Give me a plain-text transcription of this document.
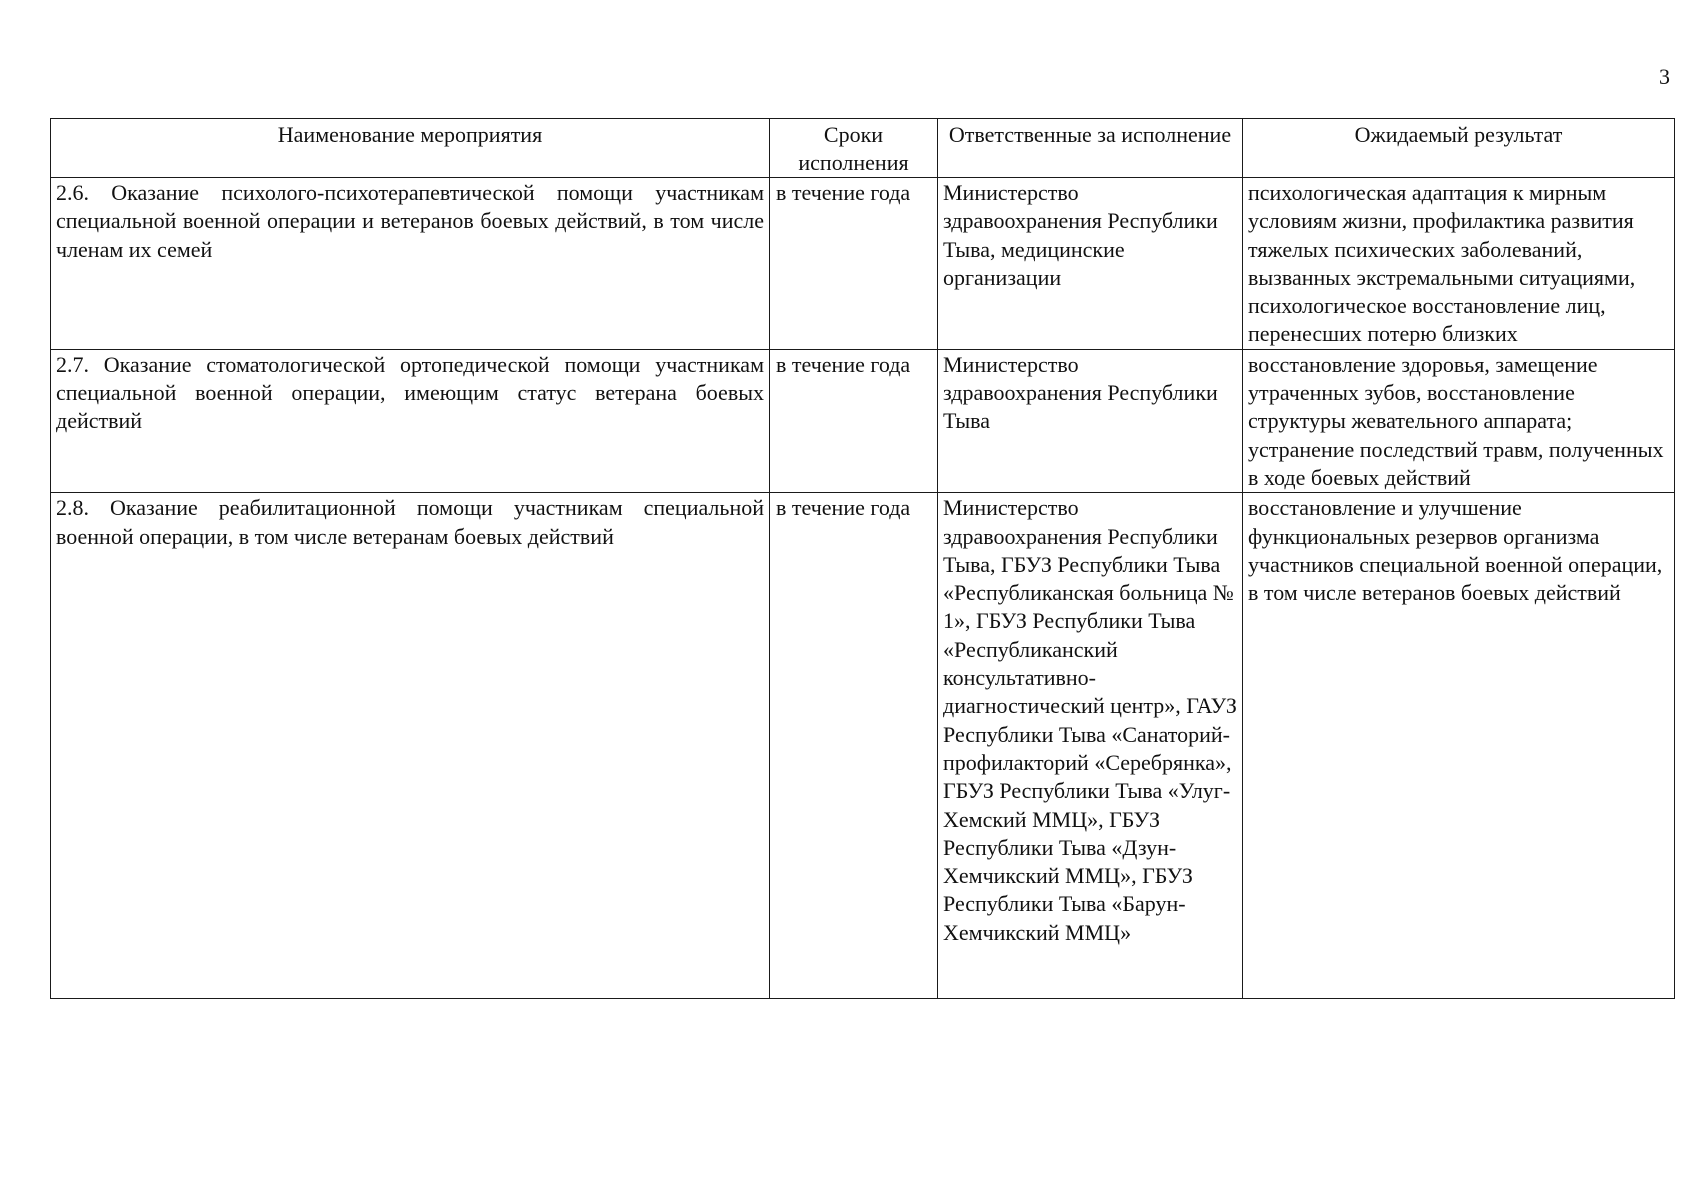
3
Наименование мероприятия	Сроки исполнения	Ответственные за исполнение	Ожидаемый результат
2.6. Оказание психолого-психотерапевтической помощи участникам специальной военной операции и ветеранов боевых действий, в том числе членам их семей	в течение года	Министерство здравоохранения Республики Тыва, медицинские организации	психологическая адаптация к мирным условиям жизни, профилактика развития тяжелых психических заболеваний, вызванных экстремальными ситуациями, психологическое восстановление лиц, перенесших потерю близких
2.7. Оказание стоматологической ортопедической помощи участникам специальной военной операции, имеющим статус ветерана боевых действий	в течение года	Министерство здравоохранения Республики Тыва	восстановление здоровья, замещение утраченных зубов, восстановление структуры жевательного аппарата; устранение последствий травм, полученных в ходе боевых действий
2.8. Оказание реабилитационной помощи участникам специальной военной операции, в том числе ветеранам боевых действий	в течение года	Министерство здравоохранения Республики Тыва, ГБУЗ Республики Тыва «Республиканская больница № 1», ГБУЗ Республики Тыва «Республиканский консультативно-диагностический центр», ГАУЗ Республики Тыва «Санаторий-профилакторий «Серебрянка», ГБУЗ Республики Тыва «Улуг-Хемский ММЦ», ГБУЗ Республики Тыва «Дзун-Хемчикский ММЦ», ГБУЗ Республики Тыва «Барун-Хемчикский ММЦ»	восстановление и улучшение функциональных резервов организма участников специальной военной операции, в том числе ветеранов боевых действий
